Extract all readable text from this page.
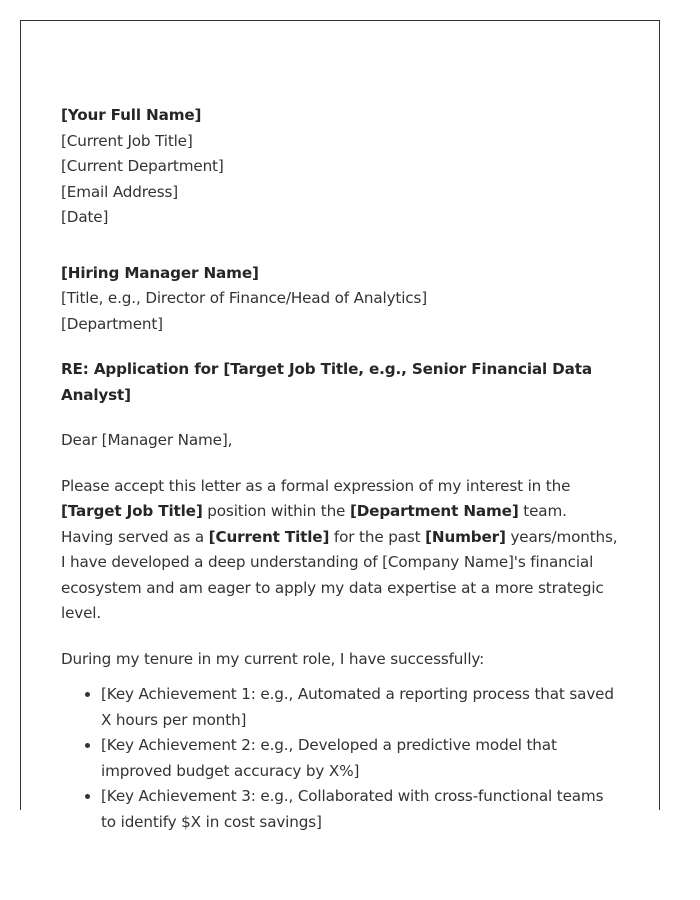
[Your Full Name]
[Current Job Title]
[Current Department]
[Email Address]
[Date]
[Hiring Manager Name]
[Title, e.g., Director of Finance/Head of Analytics]
[Department]

RE: Application for [Target Job Title, e.g., Senior Financial Data Analyst]

Dear [Manager Name],

Please accept this letter as a formal expression of my interest in the [Target Job Title] position within the [Department Name] team. Having served as a [Current Title] for the past [Number] years/months, I have developed a deep understanding of [Company Name]'s financial ecosystem and am eager to apply my data expertise at a more strategic level.

During my tenure in my current role, I have successfully:

• [Key Achievement 1: e.g., Automated a reporting process that saved X hours per month]
• [Key Achievement 2: e.g., Developed a predictive model that improved budget accuracy by X%]
• [Key Achievement 3: e.g., Collaborated with cross-functional teams to identify $X in cost savings]
